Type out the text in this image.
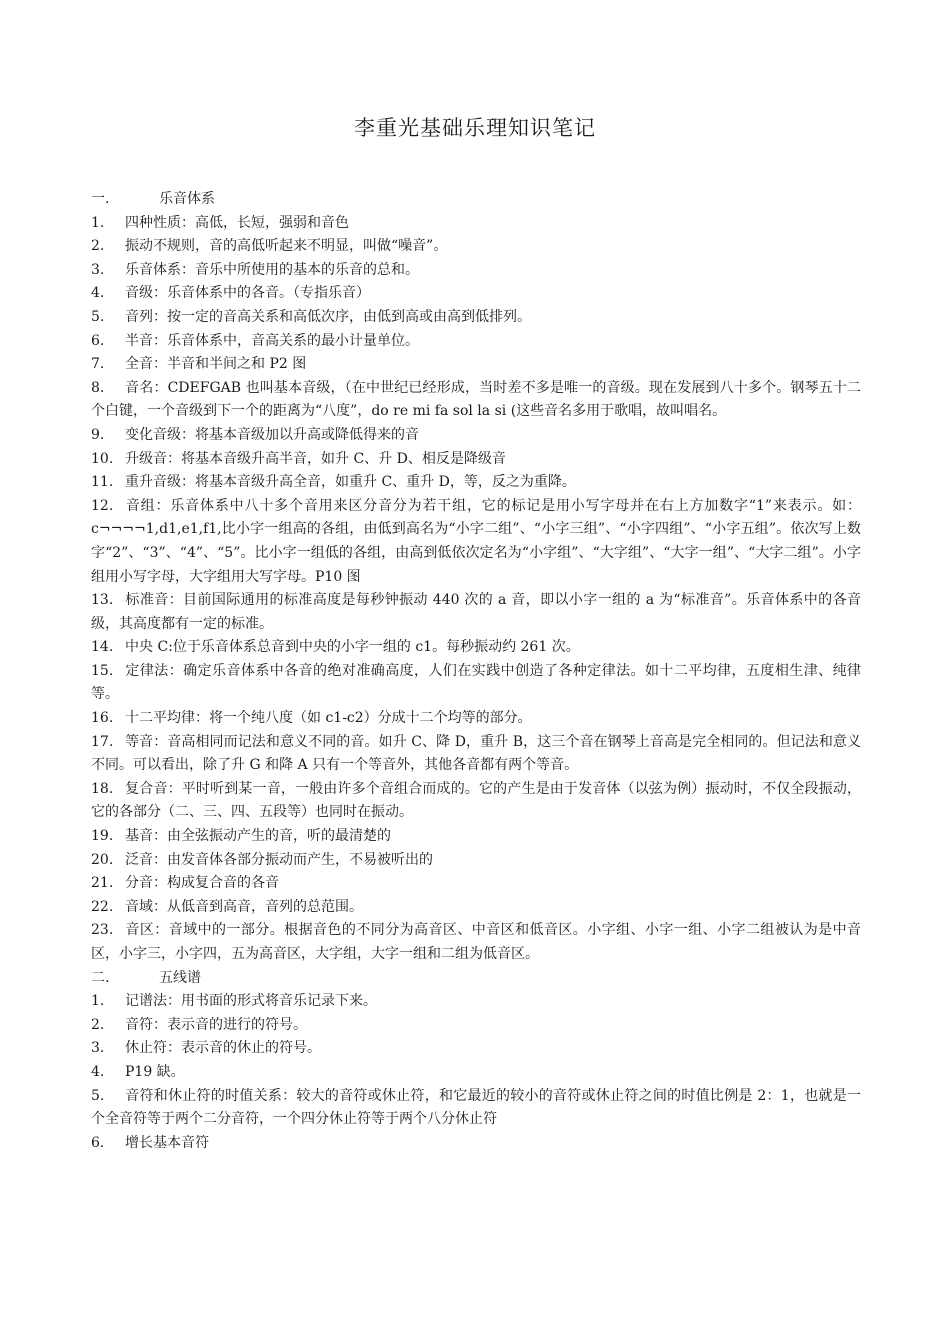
李重光基础乐理知识笔记

一.	乐音体系

1. 四种性质：高低，长短，强弱和音色

2. 振动不规则，音的高低听起来不明显，叫做“噪音”。

3. 乐音体系：音乐中所使用的基本的乐音的总和。

4. 音级：乐音体系中的各音。（专指乐音）

5. 音列：按一定的音高关系和高低次序，由低到高或由高到低排列。

6. 半音：乐音体系中，音高关系的最小计量单位。

7. 全音：半音和半间之和 P2 图

8. 音名：CDEFGAB 也叫基本音级，（在中世纪已经形成，当时差不多是唯一的音级。现在发展到八十多个。钢琴五十二个白键，一个音级到下一个的距离为“八度”，do re mi fa sol la si (这些音名多用于歌唱，故叫唱名。

9. 变化音级：将基本音级加以升高或降低得来的音

10. 升级音：将基本音级升高半音，如升 C、升 D、相反是降级音

11. 重升音级：将基本音级升高全音，如重升 C、重升 D，等，反之为重降。

12. 音组：乐音体系中八十多个音用来区分音分为若干组，它的标记是用小写字母并在右上方加数字“1”来表示。如：c¬¬¬¬1,d1,e1,f1,比小字一组高的各组，由低到高名为“小字二组”、“小字三组”、“小字四组”、“小字五组”。依次写上数字“2”、“3”、“4”、“5”。比小字一组低的各组，由高到低依次定名为“小字组”、“大字组”、“大字一组”、“大字二组”。小字组用小写字母，大字组用大写字母。P10 图

13. 标准音：目前国际通用的标准高度是每秒钟振动 440 次的 a 音，即以小字一组的 a 为“标准音”。乐音体系中的各音级，其高度都有一定的标准。

14. 中央 C:位于乐音体系总音到中央的小字一组的 c1。每秒振动约 261 次。

15. 定律法：确定乐音体系中各音的绝对准确高度，人们在实践中创造了各种定律法。如十二平均律，五度相生津、纯律等。

16. 十二平均律：将一个纯八度（如 c1-c2）分成十二个均等的部分。

17. 等音：音高相同而记法和意义不同的音。如升 C、降 D，重升 B，这三个音在钢琴上音高是完全相同的。但记法和意义不同。可以看出，除了升 G 和降 A 只有一个等音外，其他各音都有两个等音。

18. 复合音：平时听到某一音，一般由许多个音组合而成的。它的产生是由于发音体（以弦为例）振动时，不仅全段振动，它的各部分（二、三、四、五段等）也同时在振动。

19. 基音：由全弦振动产生的音，听的最清楚的

20. 泛音：由发音体各部分振动而产生，不易被听出的

21. 分音：构成复合音的各音

22. 音域：从低音到高音，音列的总范围。

23. 音区：音域中的一部分。根据音色的不同分为高音区、中音区和低音区。小字组、小字一组、小字二组被认为是中音区，小字三，小字四，五为高音区，大字组，大字一组和二组为低音区。

二.	五线谱

1. 记谱法：用书面的形式将音乐记录下来。

2. 音符：表示音的进行的符号。

3. 休止符：表示音的休止的符号。

4. P19 缺。

5. 音符和休止符的时值关系：较大的音符或休止符，和它最近的较小的音符或休止符之间的时值比例是 2：1，也就是一个全音符等于两个二分音符，一个四分休止符等于两个八分休止符

6. 增长基本音符
